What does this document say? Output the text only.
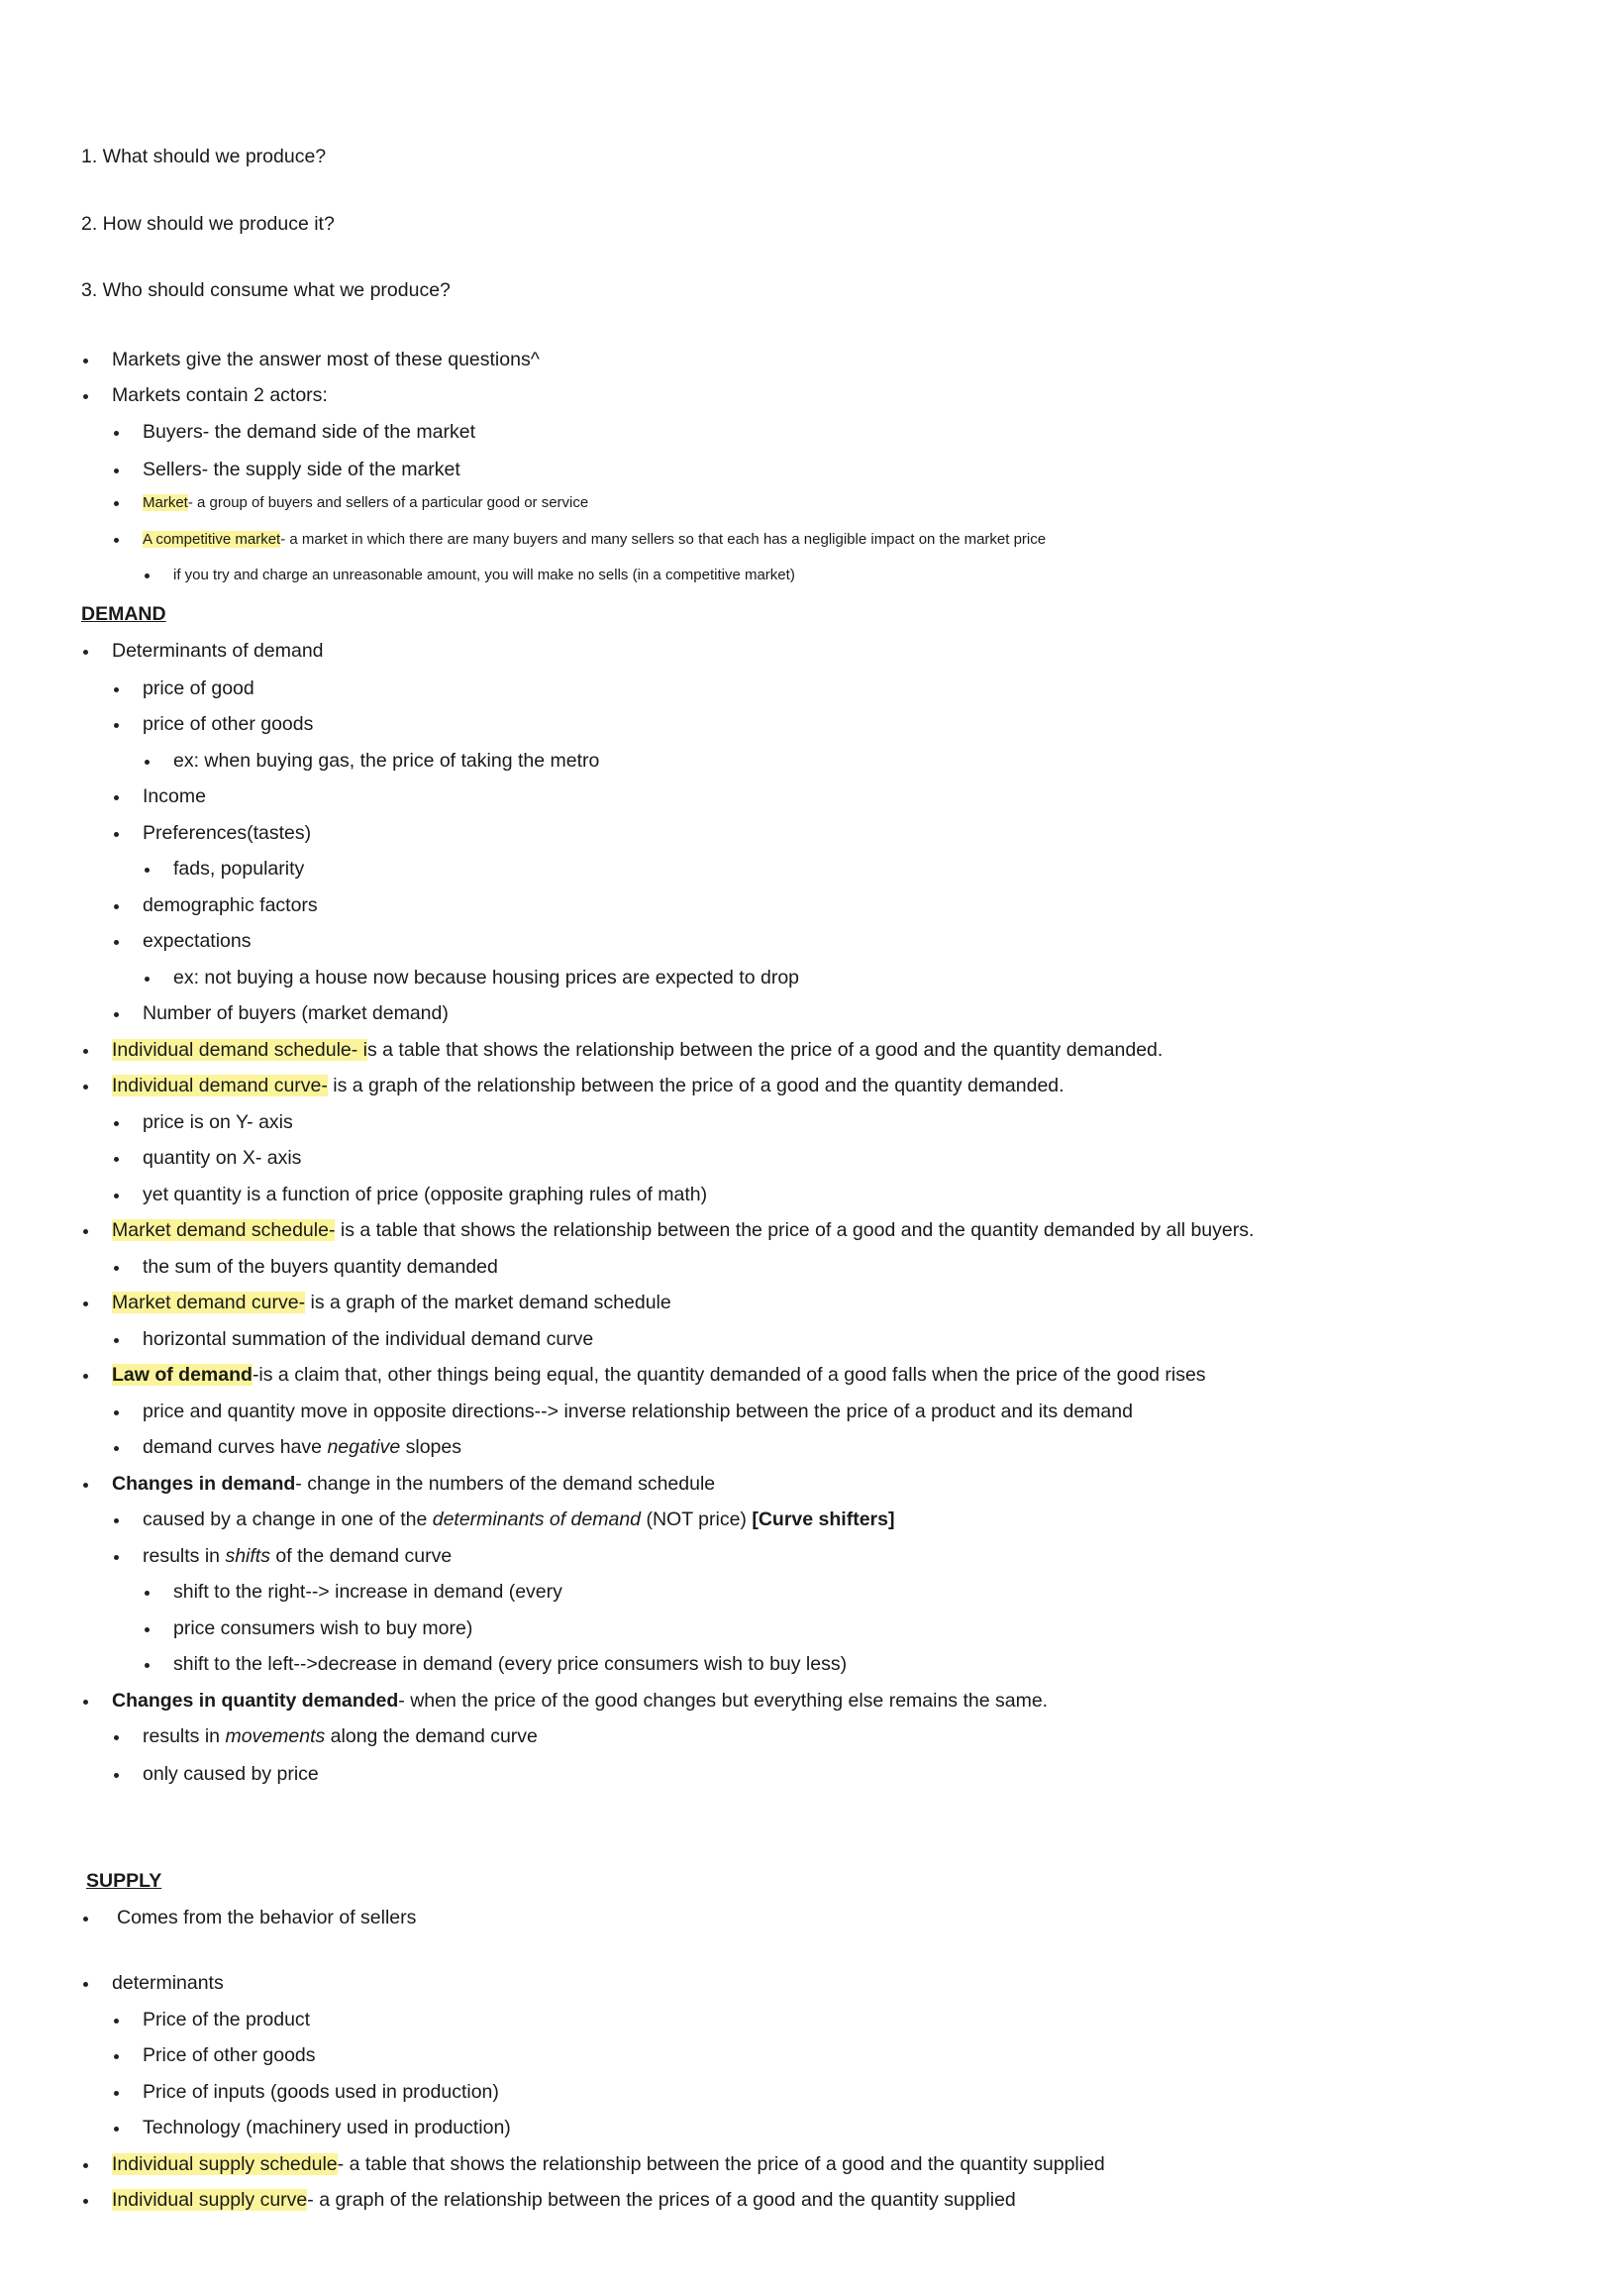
1. What should we produce?
2. How should we produce it?
3. Who should consume what we produce?
Markets give the answer most of these questions^
Markets contain 2 actors:
Buyers- the demand side of the market
Sellers- the supply side of the market
Market- a group of buyers and sellers of a particular good or service
A competitive market- a market in which there are many buyers and many sellers so that each has a negligible impact on the market price
if you try and charge an unreasonable amount, you will make no sells (in a competitive market)
DEMAND
Determinants of demand
price of good
price of other goods
ex: when buying gas, the price of taking the metro
Income
Preferences(tastes)
fads, popularity
demographic factors
expectations
ex: not buying a house now because housing prices are expected to drop
Number of buyers (market demand)
Individual demand schedule- is a table that shows the relationship between the price of a good and the quantity demanded.
Individual demand curve- is a graph of the relationship between the price of a good and the quantity demanded.
price is on Y- axis
quantity on X- axis
yet quantity is a function of price (opposite graphing rules of math)
Market demand schedule- is a table that shows the relationship between the price of a good and the quantity demanded by all buyers.
the sum of the buyers quantity demanded
Market demand curve- is a graph of the market demand schedule
horizontal summation of the individual demand curve
Law of demand-is a claim that, other things being equal, the quantity demanded of a good falls when the price of the good rises
price and quantity move in opposite directions--> inverse relationship between the price of a product and its demand
demand curves have negative slopes
Changes in demand- change in the numbers of the demand schedule
caused by a change in one of the determinants of demand (NOT price) [Curve shifters]
results in shifts of the demand curve
shift to the right--> increase in demand (every
price consumers wish to buy more)
shift to the left-->decrease in demand (every price consumers wish to buy less)
Changes in quantity demanded- when the price of the good changes but everything else remains the same.
results in movements along the demand curve
only caused by price
SUPPLY
Comes from the behavior of sellers
determinants
Price of the product
Price of other goods
Price of inputs (goods used in production)
Technology (machinery used in production)
Individual supply schedule- a table that shows the relationship between the price of a good and the quantity supplied
Individual supply curve- a graph of the relationship between the prices of a good and the quantity supplied
